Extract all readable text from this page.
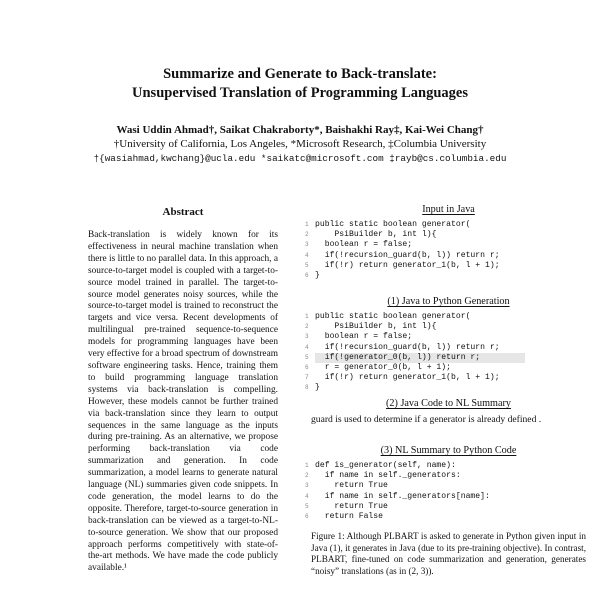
Summarize and Generate to Back-translate:
Unsupervised Translation of Programming Languages
Wasi Uddin Ahmad†, Saikat Chakraborty*, Baishakhi Ray‡, Kai-Wei Chang†
†University of California, Los Angeles, *Microsoft Research, ‡Columbia University
†{wasiahmad,kwchang}@ucla.edu *saikatc@microsoft.com ‡rayb@cs.columbia.edu
Abstract
Back-translation is widely known for its effectiveness in neural machine translation when there is little to no parallel data. In this approach, a source-to-target model is coupled with a target-to-source model trained in parallel. The target-to-source model generates noisy sources, while the source-to-target model is trained to reconstruct the targets and vice versa. Recent developments of multilingual pre-trained sequence-to-sequence models for programming languages have been very effective for a broad spectrum of downstream software engineering tasks. Hence, training them to build programming language translation systems via back-translation is compelling. However, these models cannot be further trained via back-translation since they learn to output sequences in the same language as the inputs during pre-training. As an alternative, we propose performing back-translation via code summarization and generation. In code summarization, a model learns to generate natural language (NL) summaries given code snippets. In code generation, the model learns to do the opposite. Therefore, target-to-source generation in back-translation can be viewed as a target-to-NL-to-source generation. We show that our proposed approach performs competitively with state-of-the-art methods. We have made the code publicly available.¹
Input in Java
1 public static boolean generator(
2    PsiBuilder b, int l){
3  boolean r = false;
4  if(!recursion_guard(b, l)) return r;
5  if(!r) return generator_1(b, l + 1);
6 }
(1) Java to Python Generation
1 public static boolean generator(
2    PsiBuilder b, int l){
3  boolean r = false;
4  if(!recursion_guard(b, l)) return r;
5  if(!generator_0(b, l)) return r;
6  r = generator_0(b, l + 1);
7  if(!r) return generator_1(b, l + 1);
8 }
(2) Java Code to NL Summary
guard is used to determine if a generator is already defined .
(3) NL Summary to Python Code
1 def is_generator(self, name):
2  if name in self._generators:
3    return True
4  if name in self._generators[name]:
5    return True
6  return False
Figure 1: Although PLBART is asked to generate in Python given input in Java (1), it generates in Java (due to its pre-training objective). In contrast, PLBART, fine-tuned on code summarization and generation, generates “noisy” translations (as in (2, 3)).
